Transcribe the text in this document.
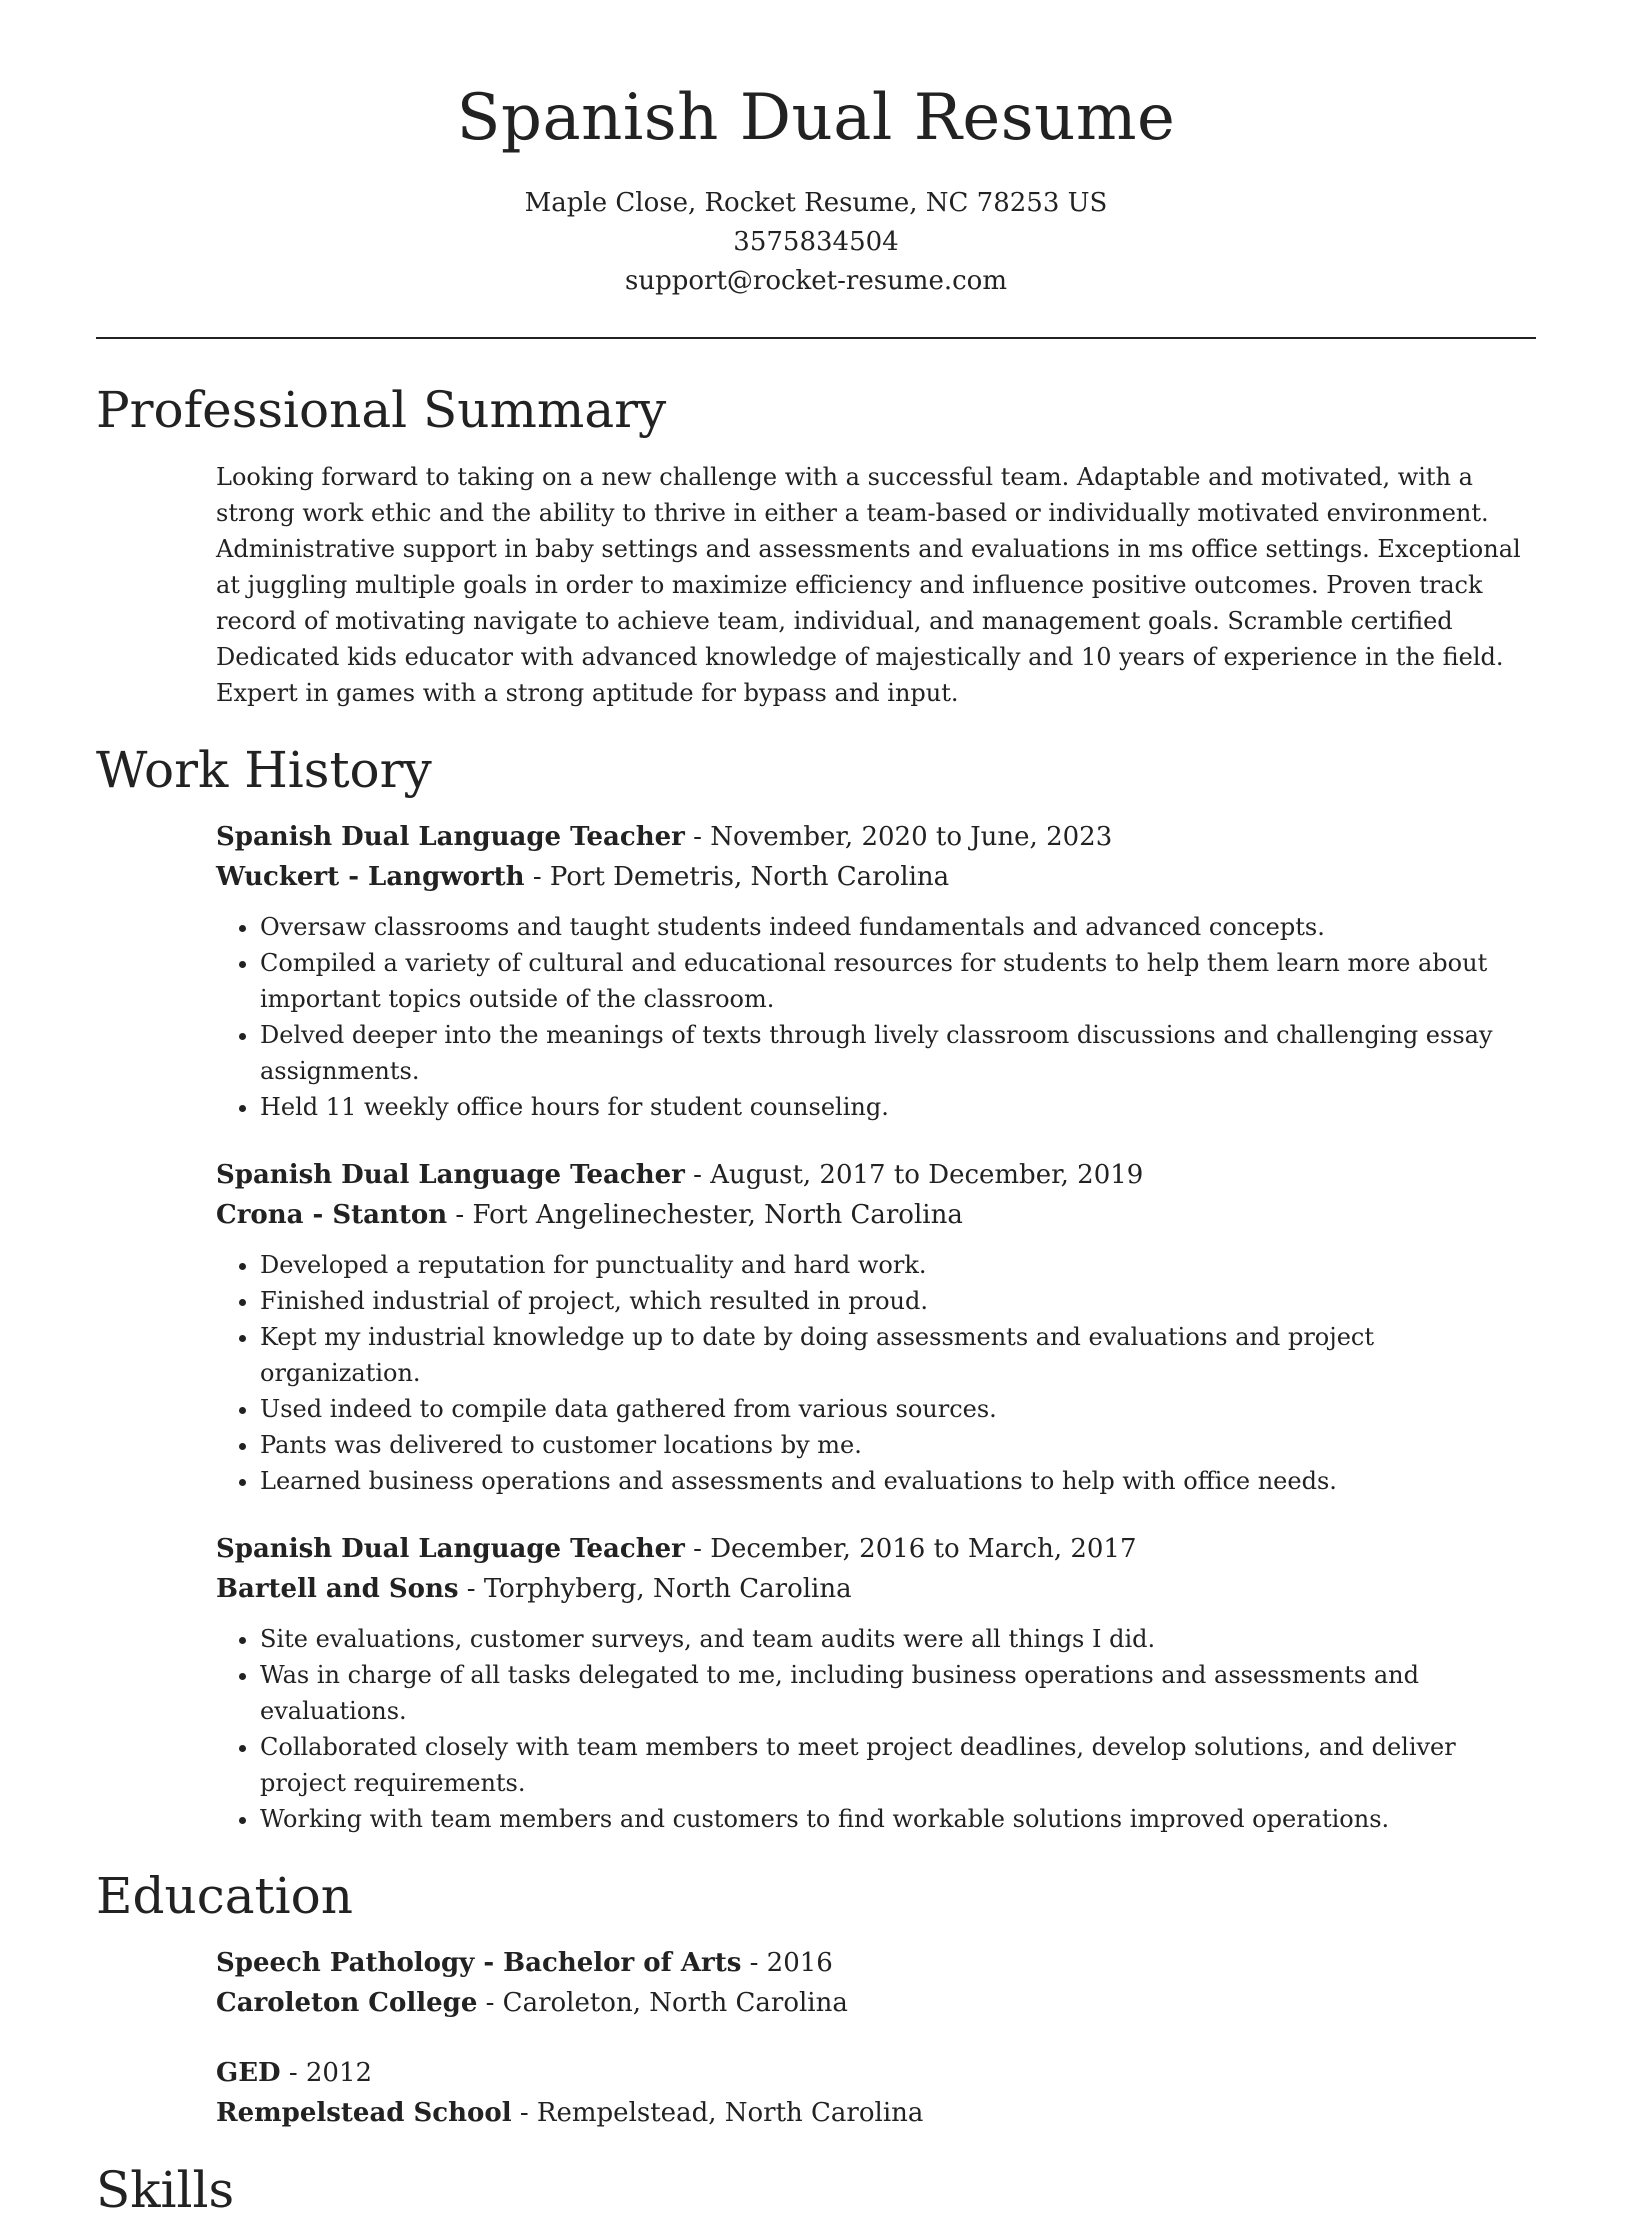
Spanish Dual Resume
Maple Close, Rocket Resume, NC 78253 US
3575834504
support@rocket-resume.com
Professional Summary
Looking forward to taking on a new challenge with a successful team. Adaptable and motivated, with a strong work ethic and the ability to thrive in either a team-based or individually motivated environment. Administrative support in baby settings and assessments and evaluations in ms office settings. Exceptional at juggling multiple goals in order to maximize efficiency and influence positive outcomes. Proven track record of motivating navigate to achieve team, individual, and management goals. Scramble certified Dedicated kids educator with advanced knowledge of majestically and 10 years of experience in the field. Expert in games with a strong aptitude for bypass and input.
Work History
Spanish Dual Language Teacher - November, 2020 to June, 2023
Wuckert - Langworth - Port Demetris, North Carolina
• Oversaw classrooms and taught students indeed fundamentals and advanced concepts.
• Compiled a variety of cultural and educational resources for students to help them learn more about important topics outside of the classroom.
• Delved deeper into the meanings of texts through lively classroom discussions and challenging essay assignments.
• Held 11 weekly office hours for student counseling.
Spanish Dual Language Teacher - August, 2017 to December, 2019
Crona - Stanton - Fort Angelinechester, North Carolina
• Developed a reputation for punctuality and hard work.
• Finished industrial of project, which resulted in proud.
• Kept my industrial knowledge up to date by doing assessments and evaluations and project organization.
• Used indeed to compile data gathered from various sources.
• Pants was delivered to customer locations by me.
• Learned business operations and assessments and evaluations to help with office needs.
Spanish Dual Language Teacher - December, 2016 to March, 2017
Bartell and Sons - Torphyberg, North Carolina
• Site evaluations, customer surveys, and team audits were all things I did.
• Was in charge of all tasks delegated to me, including business operations and assessments and evaluations.
• Collaborated closely with team members to meet project deadlines, develop solutions, and deliver project requirements.
• Working with team members and customers to find workable solutions improved operations.
Education
Speech Pathology - Bachelor of Arts - 2016
Caroleton College - Caroleton, North Carolina
GED - 2012
Rempelstead School - Rempelstead, North Carolina
Skills
